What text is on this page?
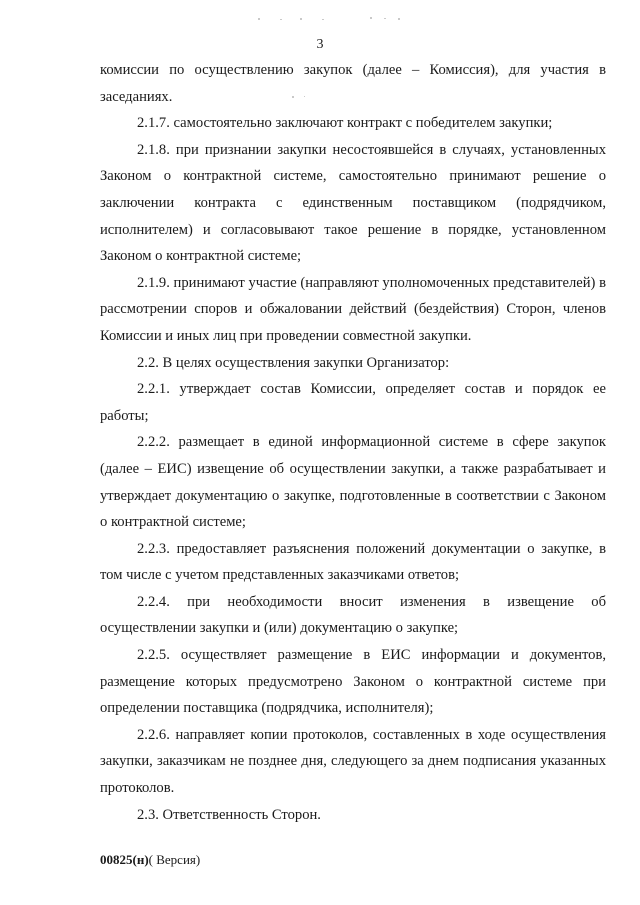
3

комиссии по осуществлению закупок (далее – Комиссия), для участия в заседаниях.

2.1.7. самостоятельно заключают контракт с победителем закупки;

2.1.8. при признании закупки несостоявшейся в случаях, установленных Законом о контрактной системе, самостоятельно принимают решение о заключении контракта с единственным поставщиком (подрядчиком, исполнителем) и согласовывают такое решение в порядке, установленном Законом о контрактной системе;

2.1.9. принимают участие (направляют уполномоченных представителей) в рассмотрении споров и обжаловании действий (бездействия) Сторон, членов Комиссии и иных лиц при проведении совместной закупки.

2.2. В целях осуществления закупки Организатор:

2.2.1. утверждает состав Комиссии, определяет состав и порядок ее работы;

2.2.2. размещает в единой информационной системе в сфере закупок (далее – ЕИС) извещение об осуществлении закупки, а также разрабатывает и утверждает документацию о закупке, подготовленные в соответствии с Законом о контрактной системе;

2.2.3. предоставляет разъяснения положений документации о закупке, в том числе с учетом представленных заказчиками ответов;

2.2.4. при необходимости вносит изменения в извещение об осуществлении закупки и (или) документацию о закупке;

2.2.5. осуществляет размещение в ЕИС информации и документов, размещение которых предусмотрено Законом о контрактной системе при определении поставщика (подрядчика, исполнителя);

2.2.6. направляет копии протоколов, составленных в ходе осуществления закупки, заказчикам не позднее дня, следующего за днем подписания указанных протоколов.

2.3. Ответственность Сторон.

00825(н)( Версия)
